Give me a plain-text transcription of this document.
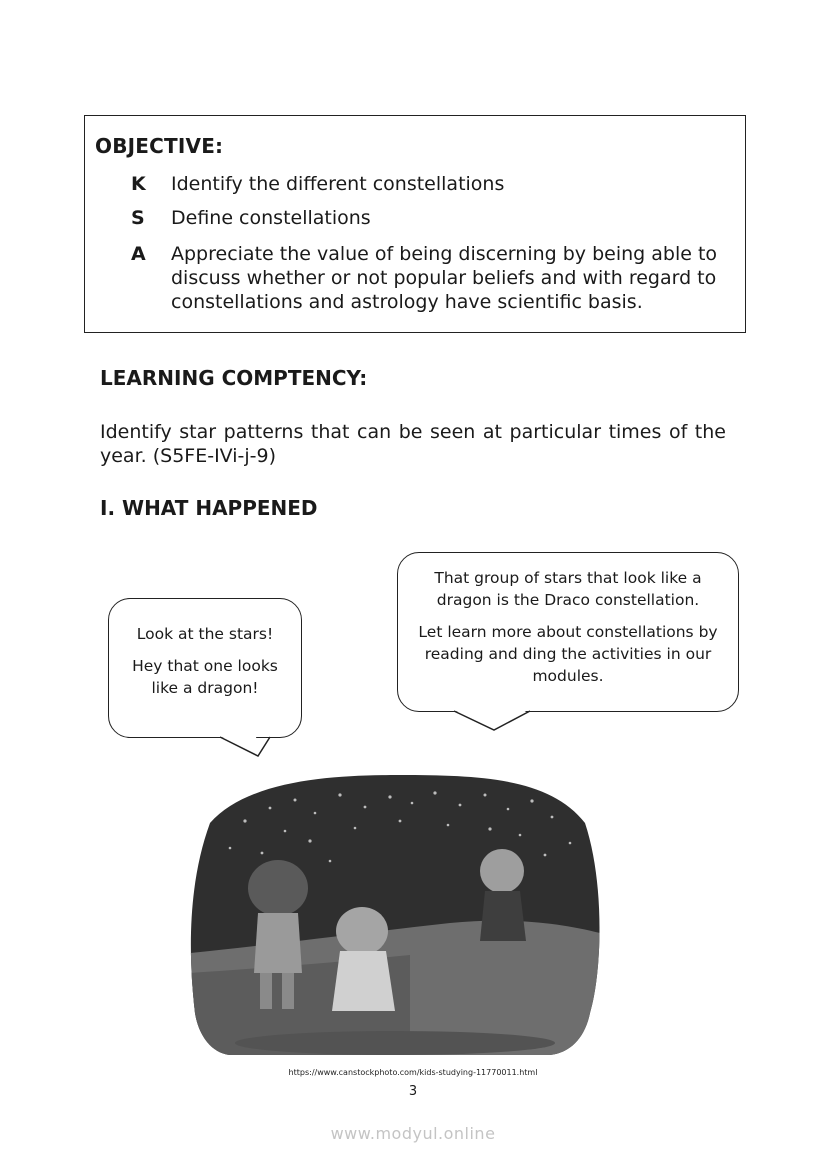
OBJECTIVE:
K	Identify the different constellations
S	Define constellations
A	Appreciate the value of being discerning by being able to discuss whether or not popular beliefs and with regard to constellations and astrology have scientific basis.
LEARNING COMPTENCY:
Identify star patterns that can be seen at particular times of the year. (S5FE-IVi-j-9)
I. WHAT HAPPENED

Look at the stars!

Hey that one looks like a dragon!

That group of stars that look like a dragon is the Draco constellation.

Let learn more about constellations by reading and ding the activities in our modules.

https://www.canstockphoto.com/kids-studying-11770011.html
3
www.modyul.online
